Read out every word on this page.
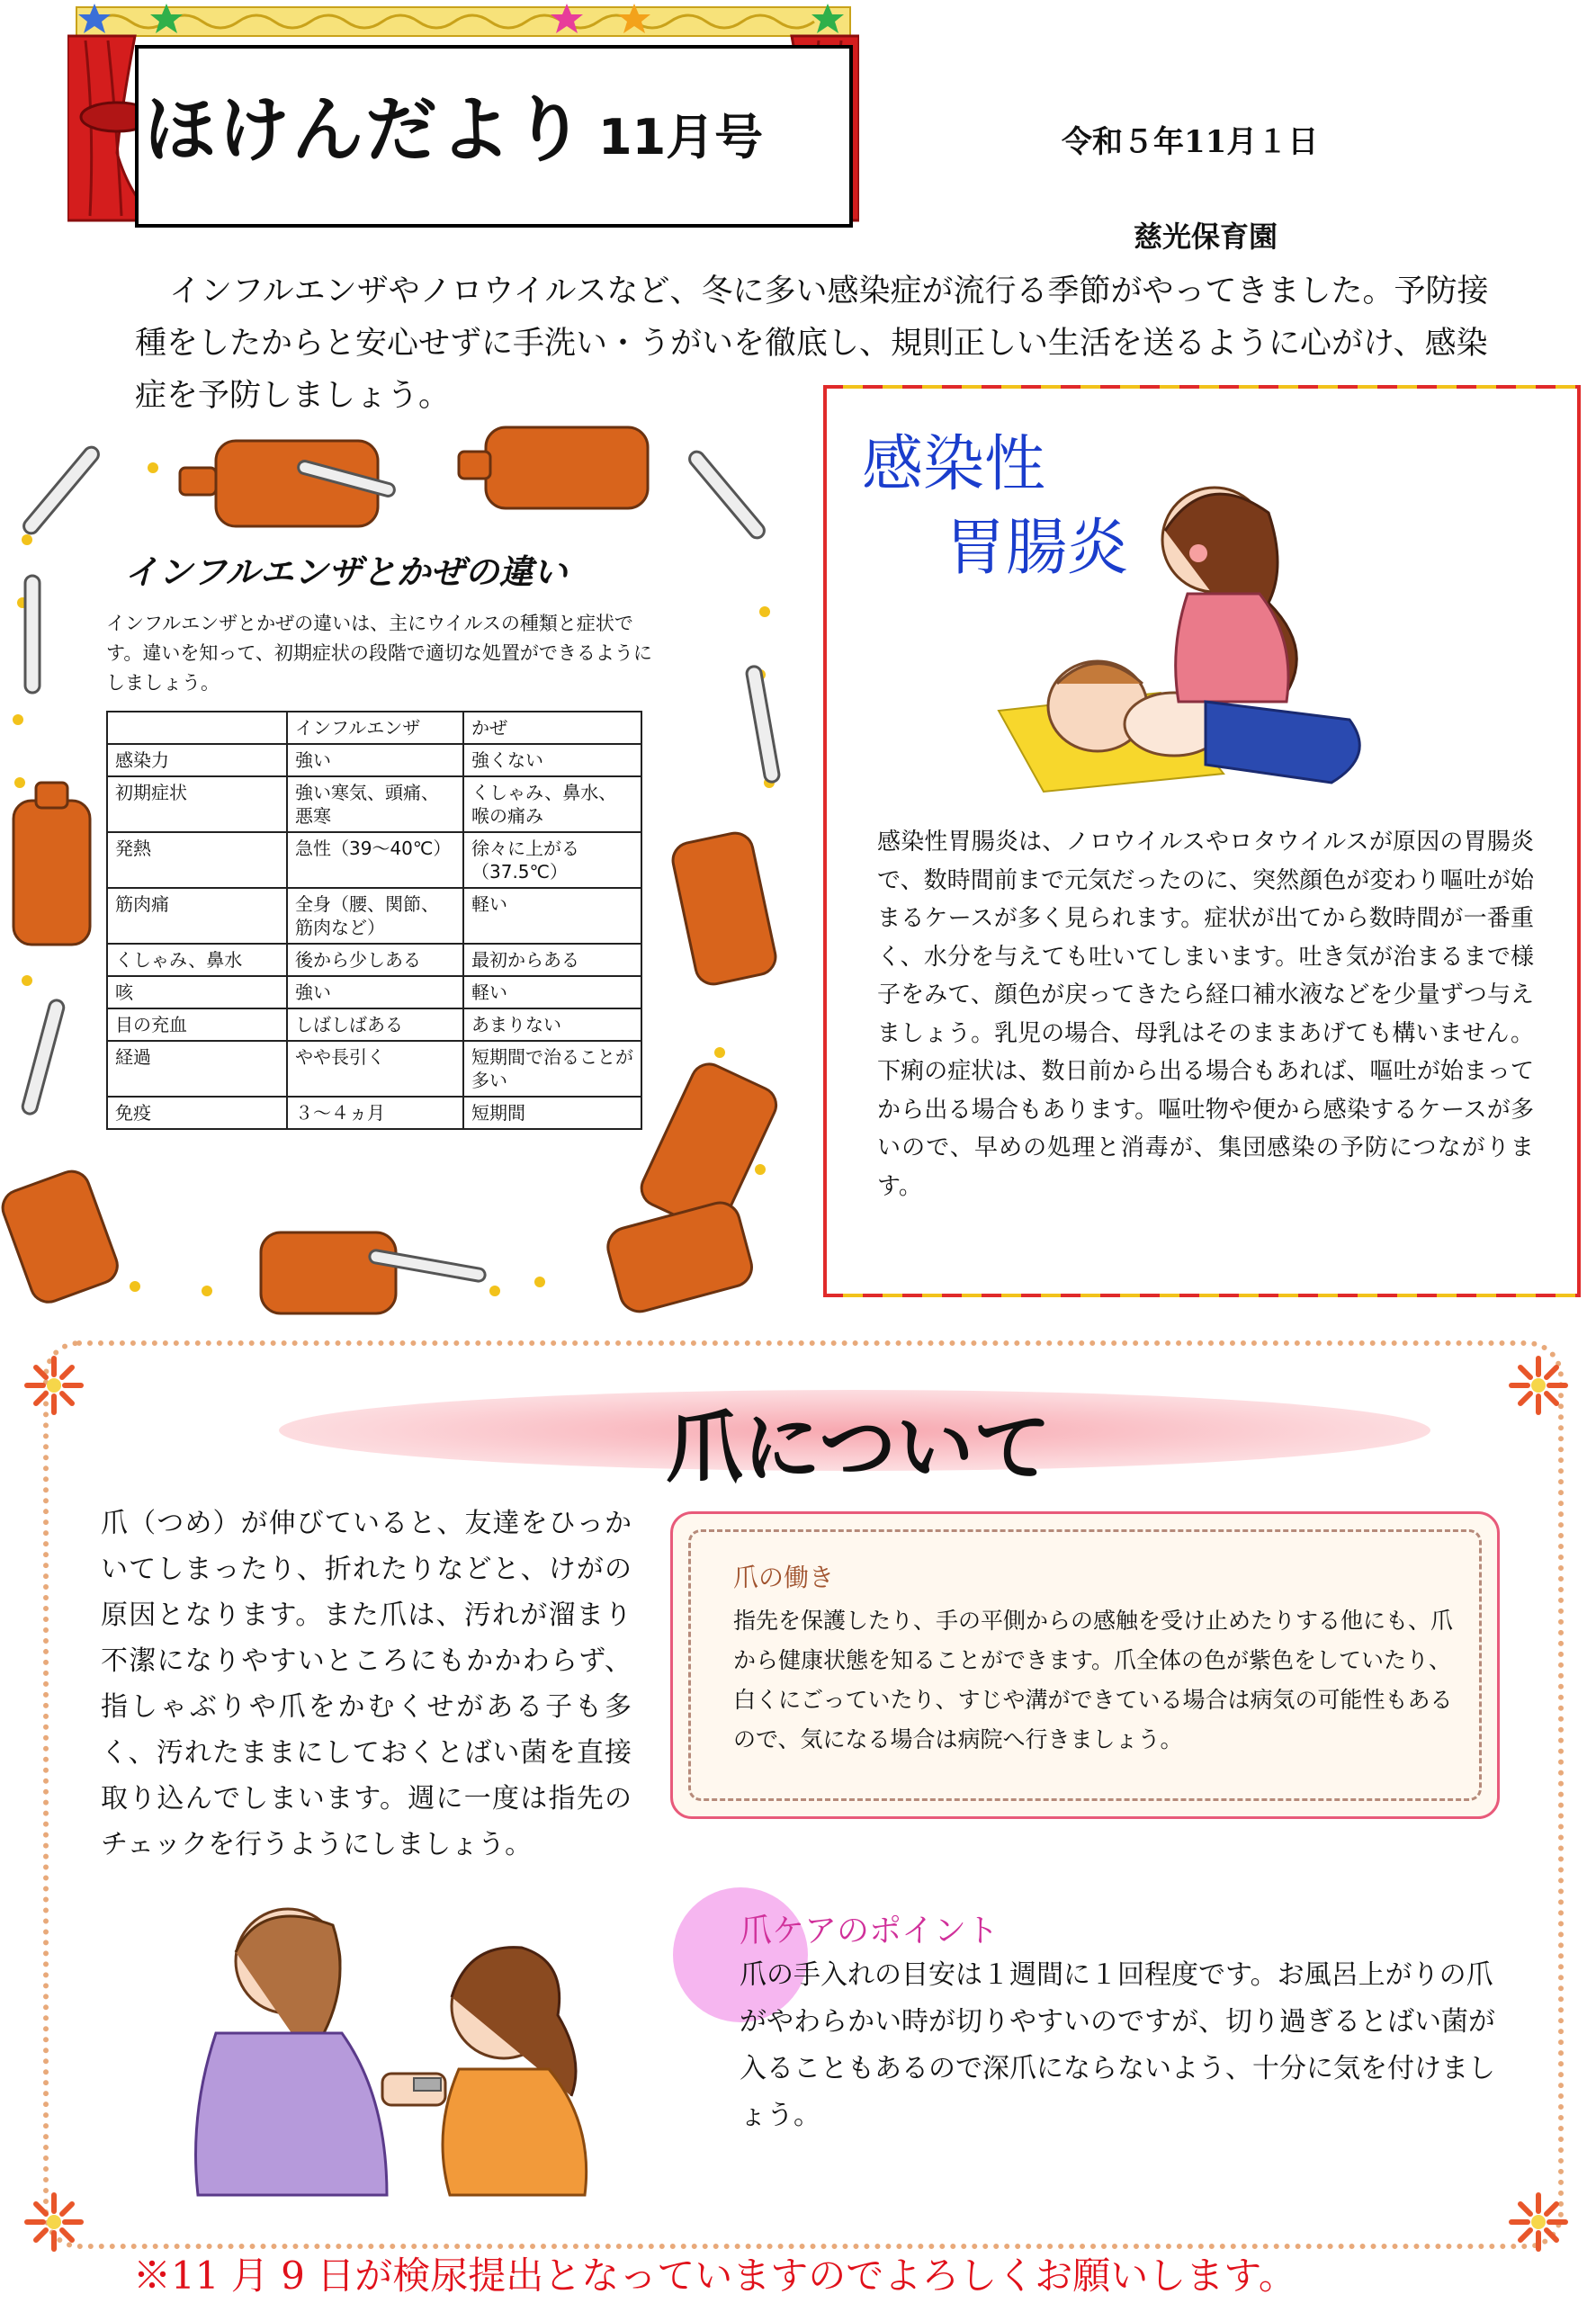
ほけんだより 11月号	令和５年11月１日
慈光保育園
インフルエンザやノロウイルスなど、冬に多い感染症が流行る季節がやってきました。予防接種をしたからと安心せずに手洗い・うがいを徹底し、規則正しい生活を送るように心がけ、感染症を予防しましょう。
インフルエンザとかぜの違い
インフルエンザとかぜの違いは、主にウイルスの種類と症状です。違いを知って、初期症状の段階で適切な処置ができるようにしましょう。
	インフルエンザ	かぜ
感染力	強い	強くない
初期症状	強い寒気、頭痛、悪寒	くしゃみ、鼻水、喉の痛み
発熱	急性（39～40℃）	徐々に上がる（37.5℃）
筋肉痛	全身（腰、関節、筋肉など）	軽い
くしゃみ、鼻水	後から少しある	最初からある
咳	強い	軽い
目の充血	しばしばある	あまりない
経過	やや長引く	短期間で治ることが多い
免疫	３～４ヵ月	短期間
感染性
胃腸炎
感染性胃腸炎は、ノロウイルスやロタウイルスが原因の胃腸炎で、数時間前まで元気だったのに、突然顔色が変わり嘔吐が始まるケースが多く見られます。症状が出てから数時間が一番重く、水分を与えても吐いてしまいます。吐き気が治まるまで様子をみて、顔色が戻ってきたら経口補水液などを少量ずつ与えましょう。乳児の場合、母乳はそのままあげても構いません。下痢の症状は、数日前から出る場合もあれば、嘔吐が始まってから出る場合もあります。嘔吐物や便から感染するケースが多いので、早めの処理と消毒が、集団感染の予防につながります。
爪について
爪（つめ）が伸びていると、友達をひっかいてしまったり、折れたりなどと、けがの原因となります。また爪は、汚れが溜まり不潔になりやすいところにもかかわらず、指しゃぶりや爪をかむくせがある子も多く、汚れたままにしておくとばい菌を直接取り込んでしまいます。週に一度は指先のチェックを行うようにしましょう。
爪の働き
指先を保護したり、手の平側からの感触を受け止めたりする他にも、爪から健康状態を知ることができます。爪全体の色が紫色をしていたり、白くにごっていたり、すじや溝ができている場合は病気の可能性もあるので、気になる場合は病院へ行きましょう。
爪ケアのポイント
爪の手入れの目安は１週間に１回程度です。お風呂上がりの爪がやわらかい時が切りやすいのですが、切り過ぎるとばい菌が入ることもあるので深爪にならないよう、十分に気を付けましょう。
※11 月 9 日が検尿提出となっていますのでよろしくお願いします。
